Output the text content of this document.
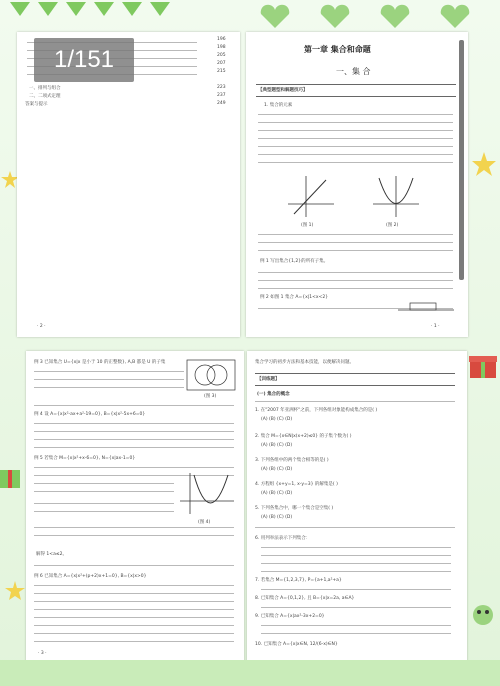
196
198
205
207
215
一、排列与组合	223
二、二项式定理	237
答案与提示	249
· 2 ·
1/151	第一章 集合和命题
一、集 合
【典型题型和解题技巧】
1. 集合的元素
(图 1)	(图 2)
例 1 写出集合{1,2}的所有子集。
例 2 如图 1 集合 A={x|1<x<2}
· 1 ·
例 3 已知集合 U={x|x 是小于 10 的正整数}, A,B 都是 U 的子集
(图 3)
例 4 设 A={x|x²-ax+a²-19=0}, B={x|x²-5x+6=0}
例 5 若集合 M={x|x²+x-6=0}, N={x|ax-1=0}
(图 4)
解得 1<a≤2。
例 6 已知集合 A={x|x²+(p+2)x+1=0}, B={x|x>0}
· 3 ·
集合学习的初步方法和基本技能，以便解决问题。
【训练题】
(一) 集合的概念
1. 在"2007 年亚洲杯"之前，下列各组对象能构成集合的是( )
(A) (B) (C) (D)
2. 集合 M={x∈N|x(x+2)≤0} 的子集个数为( )
(A) (B) (C) (D)
3. 下列各组中的两个集合相等的是( )
(A) (B) (C) (D)
4. 方程组 {x+y=1, x-y=3} 的解集是( )
(A) (B) (C) (D)
5. 下列各集合中，哪一个集合是空集( )
(A) (B) (C) (D)
6. 用列举法表示下列集合：
7. 若集合 M={1,2,3,7}, P={a+1,a²+a}
8. 已知集合 A={0,1,2}, 且 B={x|x=2a, a∈A}
9. 已知集合 A={x|ax²-3x+2=0}
10. 已知集合 A={x|x∈N, 12/(6-x)∈N}
